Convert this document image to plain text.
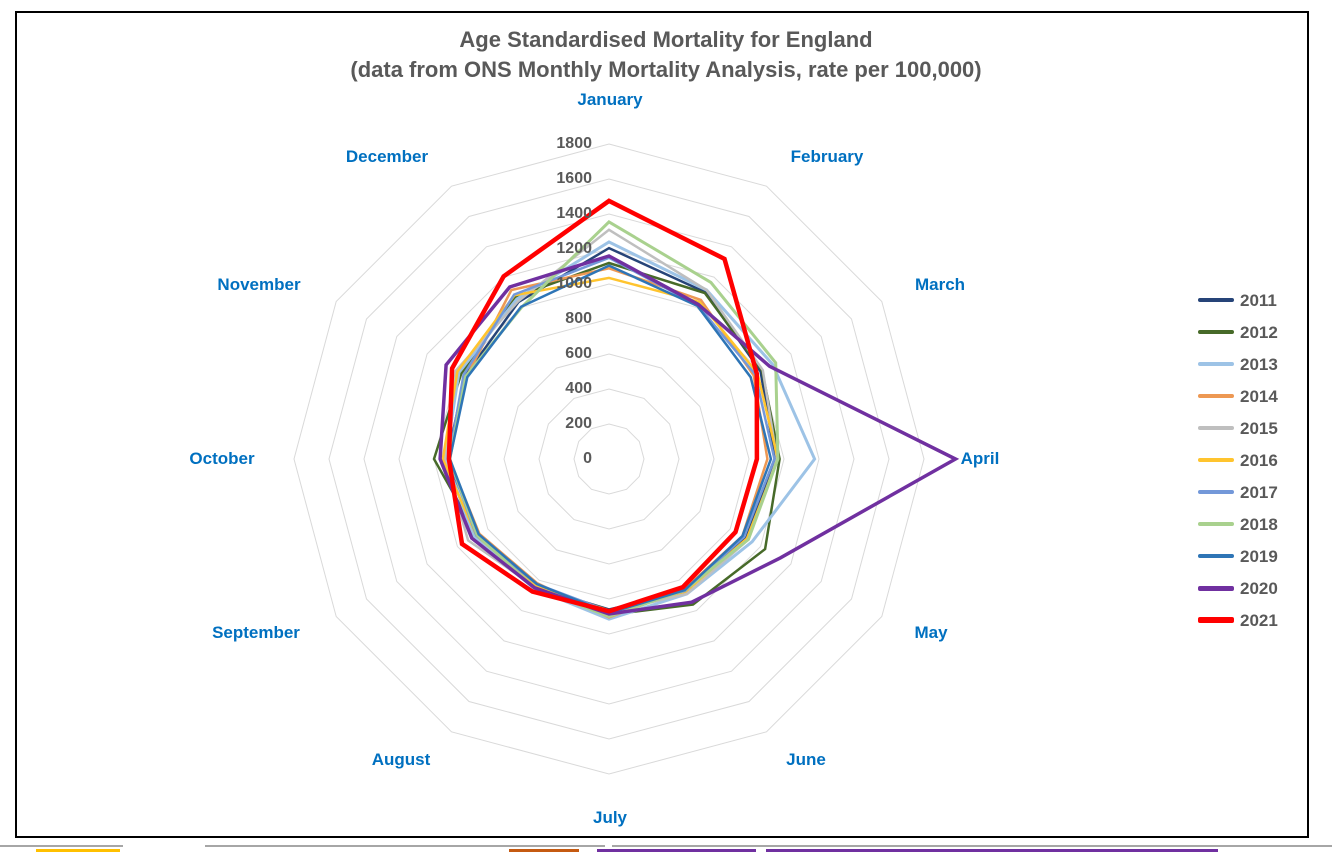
Age Standardised Mortality for England
(data from ONS Monthly Mortality Analysis, rate per 100,000)
January
February
March
April
May
June
July
August
September
October
November
December
0
200
400
600
800
1000
1200
1400
1600
1800
2011
2012
2013
2014
2015
2016
2017
2018
2019
2020
2021
